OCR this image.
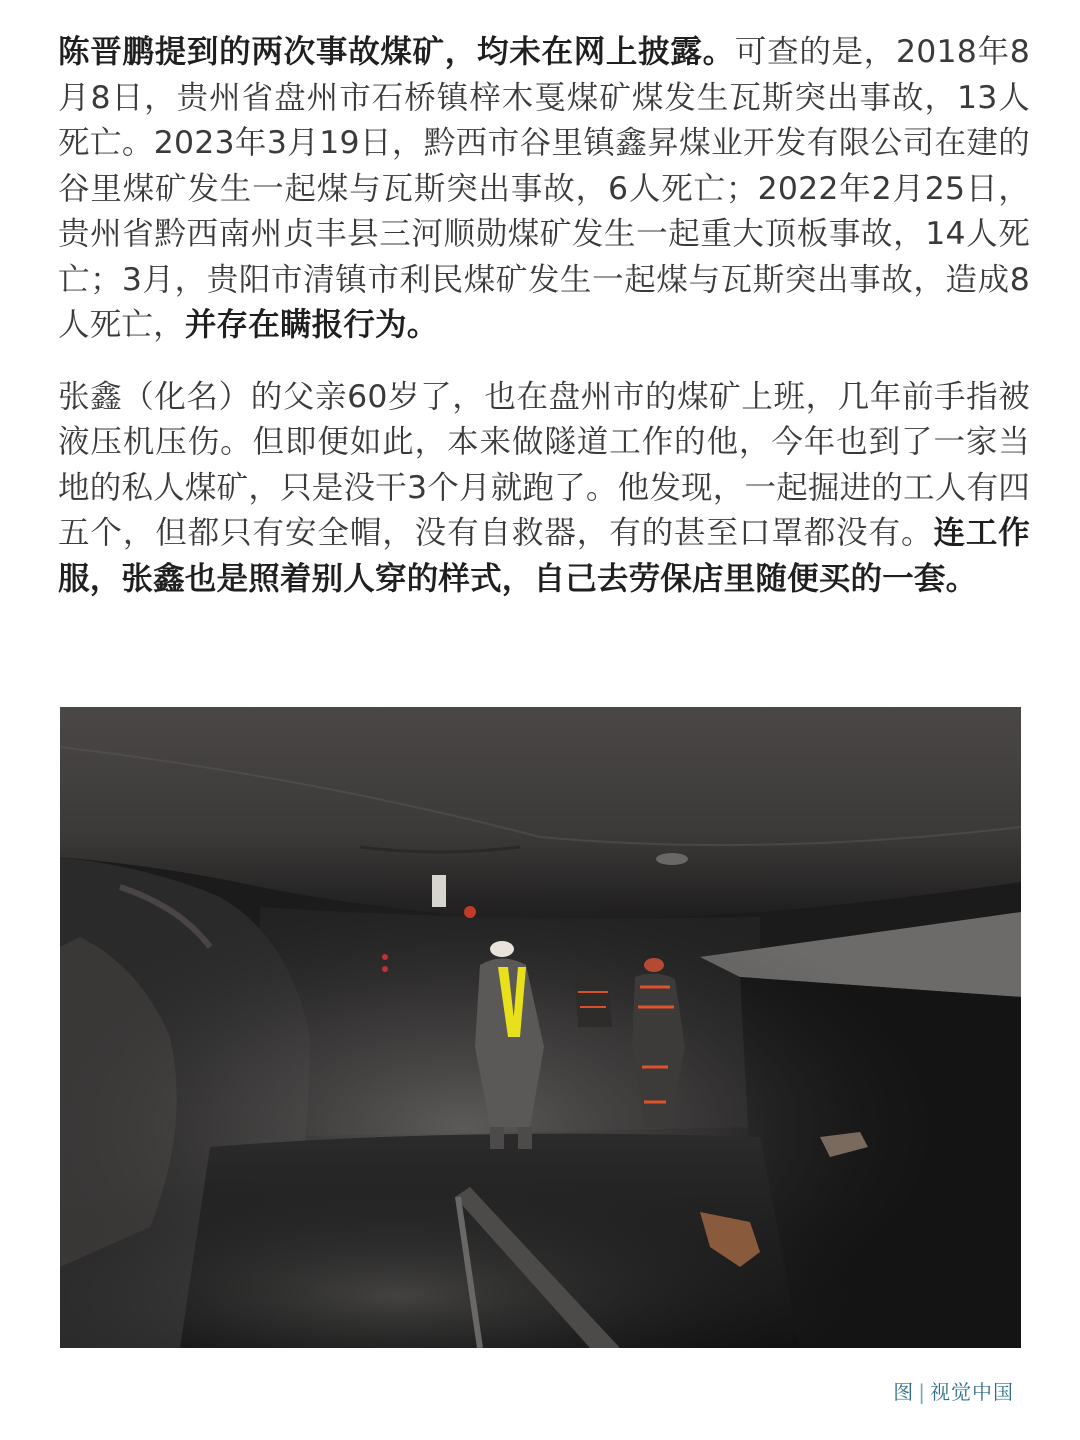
陈晋鹏提到的两次事故煤矿，均未在网上披露。可查的是，2018年8月8日，贵州省盘州市石桥镇梓木戛煤矿煤发生瓦斯突出事故，13人死亡。2023年3月19日，黔西市谷里镇鑫昇煤业开发有限公司在建的谷里煤矿发生一起煤与瓦斯突出事故，6人死亡；2022年2月25日，贵州省黔西南州贞丰县三河顺勋煤矿发生一起重大顶板事故，14人死亡；3月，贵阳市清镇市利民煤矿发生一起煤与瓦斯突出事故，造成8人死亡，并存在瞒报行为。

张鑫（化名）的父亲60岁了，也在盘州市的煤矿上班，几年前手指被液压机压伤。但即便如此，本来做隧道工作的他，今年也到了一家当地的私人煤矿，只是没干3个月就跑了。他发现，一起掘进的工人有四五个，但都只有安全帽，没有自救器，有的甚至口罩都没有。连工作服，张鑫也是照着别人穿的样式，自己去劳保店里随便买的一套。

图 | 视觉中国
